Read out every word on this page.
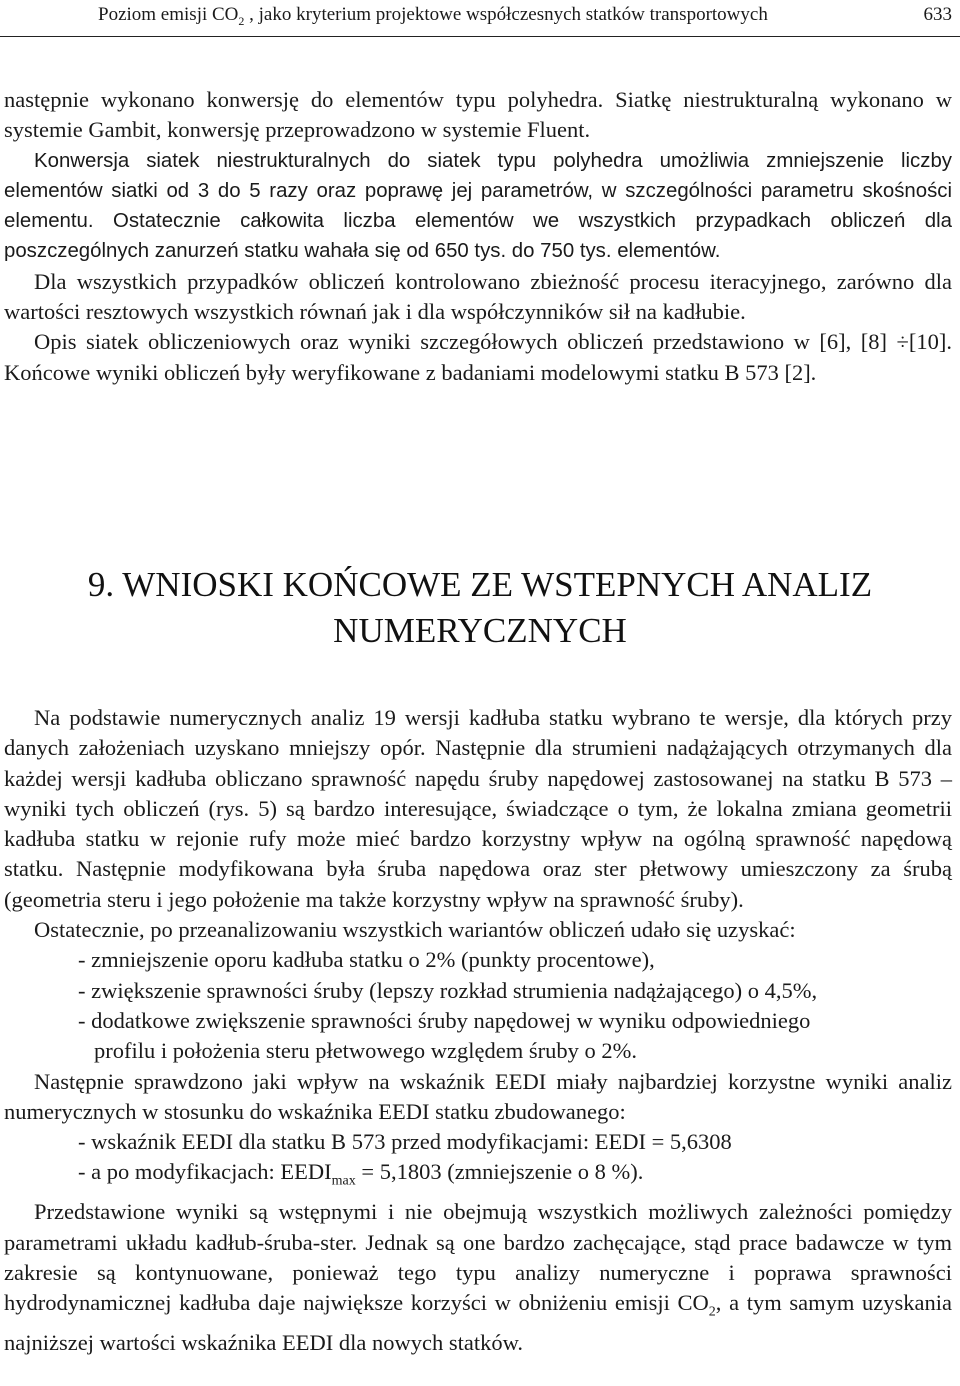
Poziom emisji $CO_2$ , jako kryterium projektowe współczesnych statków transportowych	633

następnie wykonano konwersję do elementów typu polyhedra. Siatkę niestrukturalną wykonano w systemie Gambit, konwersję przeprowadzono w systemie Fluent.

Konwersja siatek niestrukturalnych do siatek typu polyhedra umożliwia zmniejszenie liczby elementów siatki od 3 do 5 razy oraz poprawę jej parametrów, w szczególności parametru skośności elementu. Ostatecznie całkowita liczba elementów we wszystkich przypadkach obliczeń dla poszczególnych zanurzeń statku wahała się od 650 tys. do 750 tys. elementów.

Dla wszystkich przypadków obliczeń kontrolowano zbieżność procesu iteracyjnego, zarówno dla wartości resztowych wszystkich równań jak i dla współczynników sił na kadłubie.

Opis siatek obliczeniowych oraz wyniki szczegółowych obliczeń przedstawiono w [6], [8] ÷[10]. Końcowe wyniki obliczeń były weryfikowane z badaniami modelowymi statku B 573 [2].

9. WNIOSKI KOŃCOWE ZE WSTEPNYCH ANALIZ
NUMERYCZNYCH

Na podstawie numerycznych analiz 19 wersji kadłuba statku wybrano te wersje, dla których przy danych założeniach uzyskano mniejszy opór. Następnie dla strumieni nadążających otrzymanych dla każdej wersji kadłuba obliczano sprawność napędu śruby napędowej zastosowanej na statku B 573 – wyniki tych obliczeń (rys. 5) są bardzo interesujące, świadczące o tym, że lokalna zmiana geometrii kadłuba statku w rejonie rufy może mieć bardzo korzystny wpływ na ogólną sprawność napędową statku. Następnie modyfikowana była śruba napędowa oraz ster płetwowy umieszczony za śrubą (geometria steru i jego położenie ma także korzystny wpływ na sprawność śruby).

Ostatecznie, po przeanalizowaniu wszystkich wariantów obliczeń udało się uzyskać:

- zmniejszenie oporu kadłuba statku o 2% (punkty procentowe),

- zwiększenie sprawności śruby (lepszy rozkład strumienia nadążającego) o 4,5%,

- dodatkowe zwiększenie sprawności śruby napędowej w wyniku odpowiedniego

profilu i położenia steru płetwowego względem śruby o 2%.

Następnie sprawdzono jaki wpływ na wskaźnik EEDI miały najbardziej korzystne wyniki analiz numerycznych w stosunku do wskaźnika EEDI statku zbudowanego:

- wskaźnik EEDI dla statku B 573 przed modyfikacjami: EEDI = 5,6308

- a po modyfikacjach: $EEDI_{max} = 5,1803$ (zmniejszenie o 8 %).

Przedstawione wyniki są wstępnymi i nie obejmują wszystkich możliwych zależności pomiędzy parametrami układu kadłub-śruba-ster. Jednak są one bardzo zachęcające, stąd prace badawcze w tym zakresie są kontynuowane, ponieważ tego typu analizy numeryczne i poprawa sprawności hydrodynamicznej kadłuba daje największe korzyści w obniżeniu emisji $CO_2$, a tym samym uzyskania najniższej wartości wskaźnika EEDI dla nowych statków.
